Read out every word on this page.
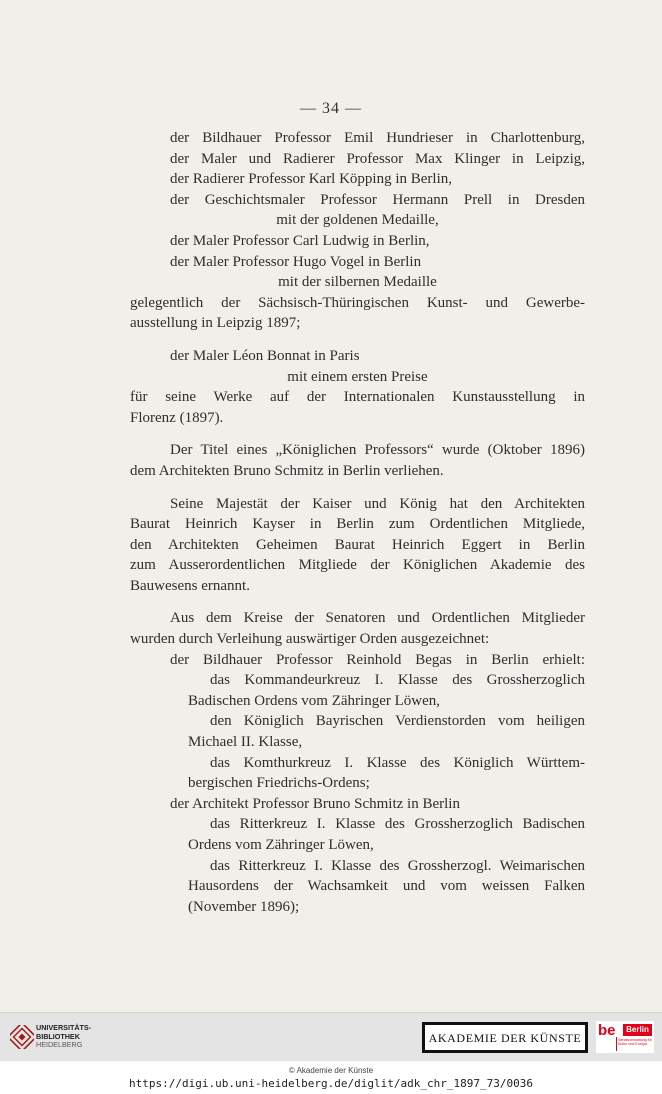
— 34 —
der Bildhauer Professor Emil Hundrieser in Charlottenburg,
der Maler und Radierer Professor Max Klinger in Leipzig,
der Radierer Professor Karl Köpping in Berlin,
der Geschichtsmaler Professor Hermann Prell in Dresden
mit der goldenen Medaille,
der Maler Professor Carl Ludwig in Berlin,
der Maler Professor Hugo Vogel in Berlin
mit der silbernen Medaille
gelegentlich der Sächsisch-Thüringischen Kunst- und Gewerbe-
ausstellung in Leipzig 1897;
der Maler Léon Bonnat in Paris
mit einem ersten Preise
für seine Werke auf der Internationalen Kunstausstellung in
Florenz (1897).
Der Titel eines „Königlichen Professors“ wurde (Oktober 1896)
dem Architekten Bruno Schmitz in Berlin verliehen.
Seine Majestät der Kaiser und König hat den Architekten
Baurat Heinrich Kayser in Berlin zum Ordentlichen Mitgliede,
den Architekten Geheimen Baurat Heinrich Eggert in Berlin
zum Ausserordentlichen Mitgliede der Königlichen Akademie des
Bauwesens ernannt.
Aus dem Kreise der Senatoren und Ordentlichen Mitglieder
wurden durch Verleihung auswärtiger Orden ausgezeichnet:
der Bildhauer Professor Reinhold Begas in Berlin erhielt:
das Kommandeurkreuz I. Klasse des Grossherzoglich
Badischen Ordens vom Zähringer Löwen,
den Königlich Bayrischen Verdienstorden vom heiligen
Michael II. Klasse,
das Komthurkreuz I. Klasse des Königlich Württem-
bergischen Friedrichs-Ordens;
der Architekt Professor Bruno Schmitz in Berlin
das Ritterkreuz I. Klasse des Grossherzoglich Badischen
Ordens vom Zähringer Löwen,
das Ritterkreuz I. Klasse des Grossherzogl. Weimarischen
Hausordens der Wachsamkeit und vom weissen Falken
(November 1896);
UNIVERSITÄTS-
BIBLIOTHEK
HEIDELBERG	AKADEMIE DER KÜNSTE be	Berlin
Senatsverwaltung für Kultur und Europa
© Akademie der Künste
https://digi.ub.uni-heidelberg.de/diglit/adk_chr_1897_73/0036
